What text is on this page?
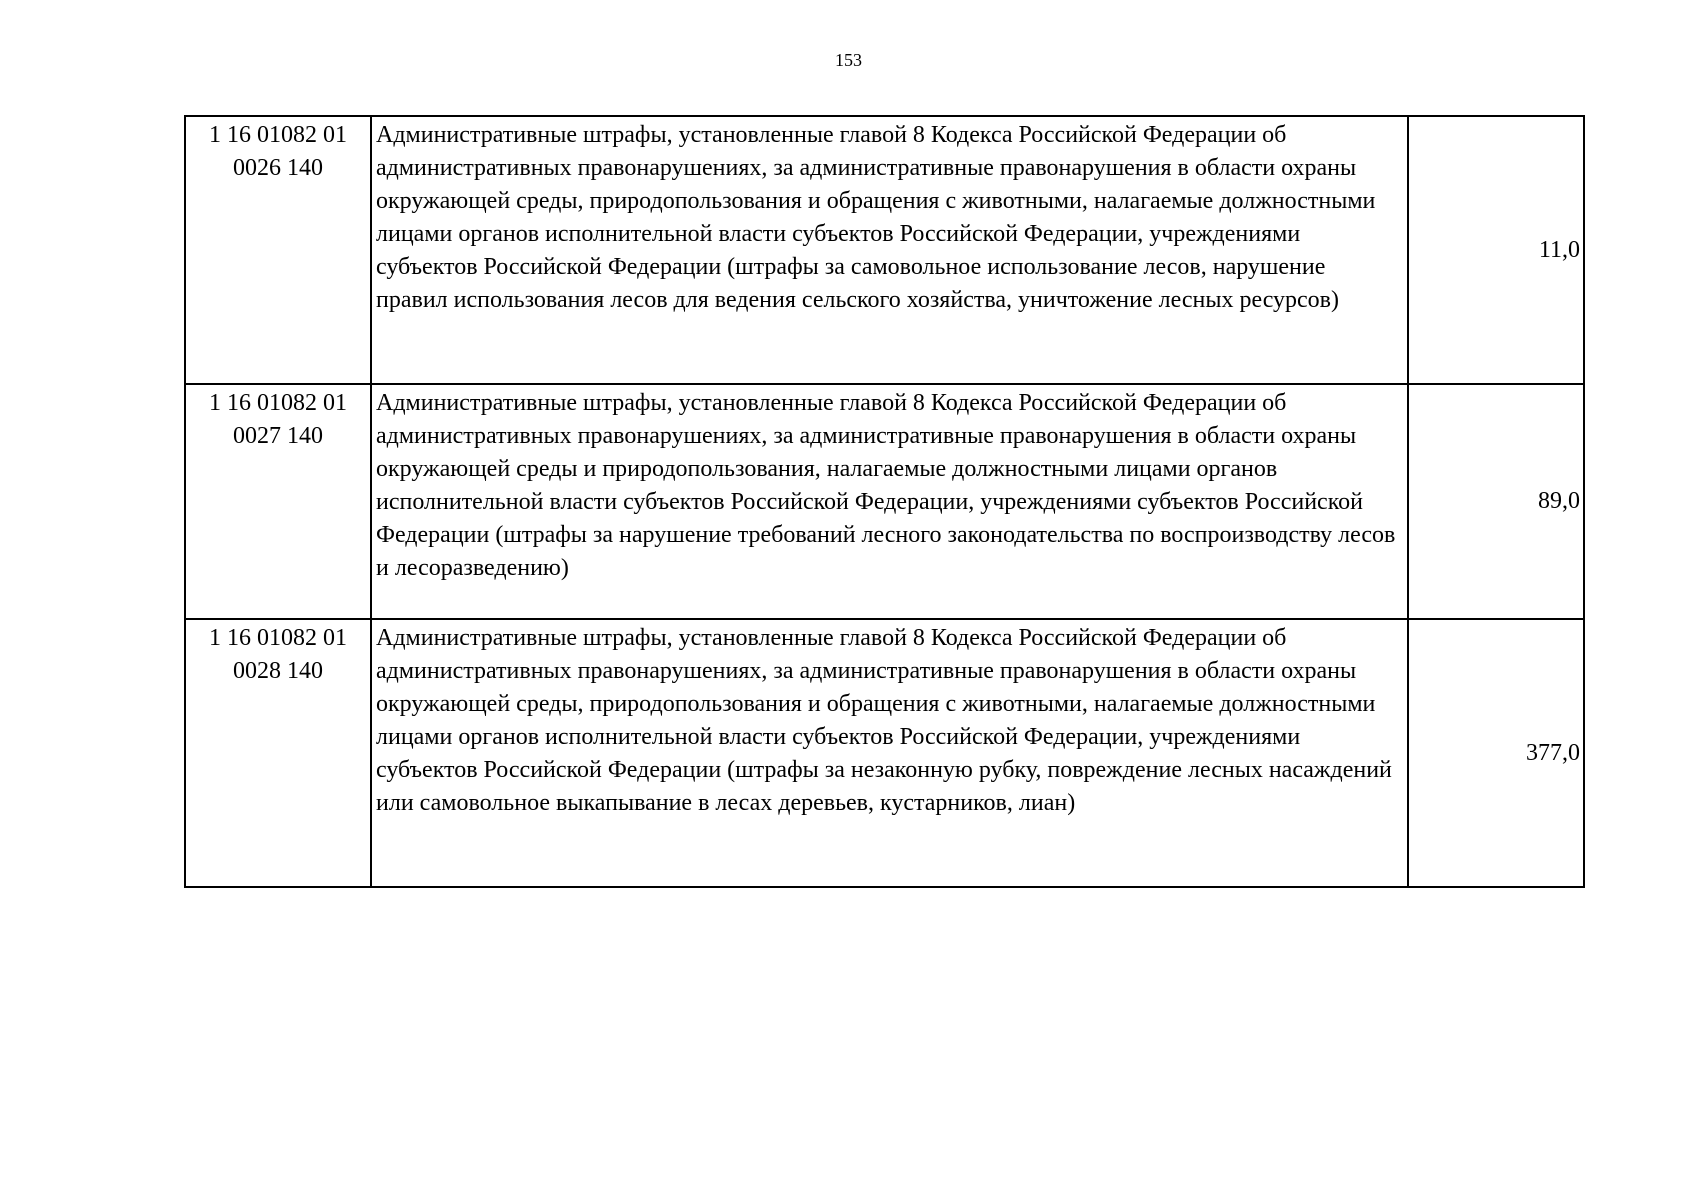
153
1 16 01082 01 0026 140	Административные штрафы, установленные главой 8 Кодекса Российской Федерации об административных правонарушениях, за административные правонарушения в области охраны окружающей среды, природопользования и обращения с животными, налагаемые должностными лицами органов исполнительной власти субъектов Российской Федерации, учреждениями субъектов Российской Федерации (штрафы за самовольное использование лесов, нарушение правил использования лесов для ведения сельского хозяйства, уничтожение лесных ресурсов)	11,0
1 16 01082 01 0027 140	Административные штрафы, установленные главой 8 Кодекса Российской Федерации об административных правонарушениях, за административные правонарушения в области охраны окружающей среды и природопользования, налагаемые должностными лицами органов исполнительной власти субъектов Российской Федерации, учреждениями субъектов Российской Федерации (штрафы за нарушение требований лесного законодательства по воспроизводству лесов и лесоразведению)	89,0
1 16 01082 01 0028 140	Административные штрафы, установленные главой 8 Кодекса Российской Федерации об административных правонарушениях, за административные правонарушения в области охраны окружающей среды, природопользования и обращения с животными, налагаемые должностными лицами органов исполнительной власти субъектов Российской Федерации, учреждениями субъектов Российской Федерации (штрафы за незаконную рубку, повреждение лесных насаждений или самовольное выкапывание в лесах деревьев, кустарников, лиан)	377,0
